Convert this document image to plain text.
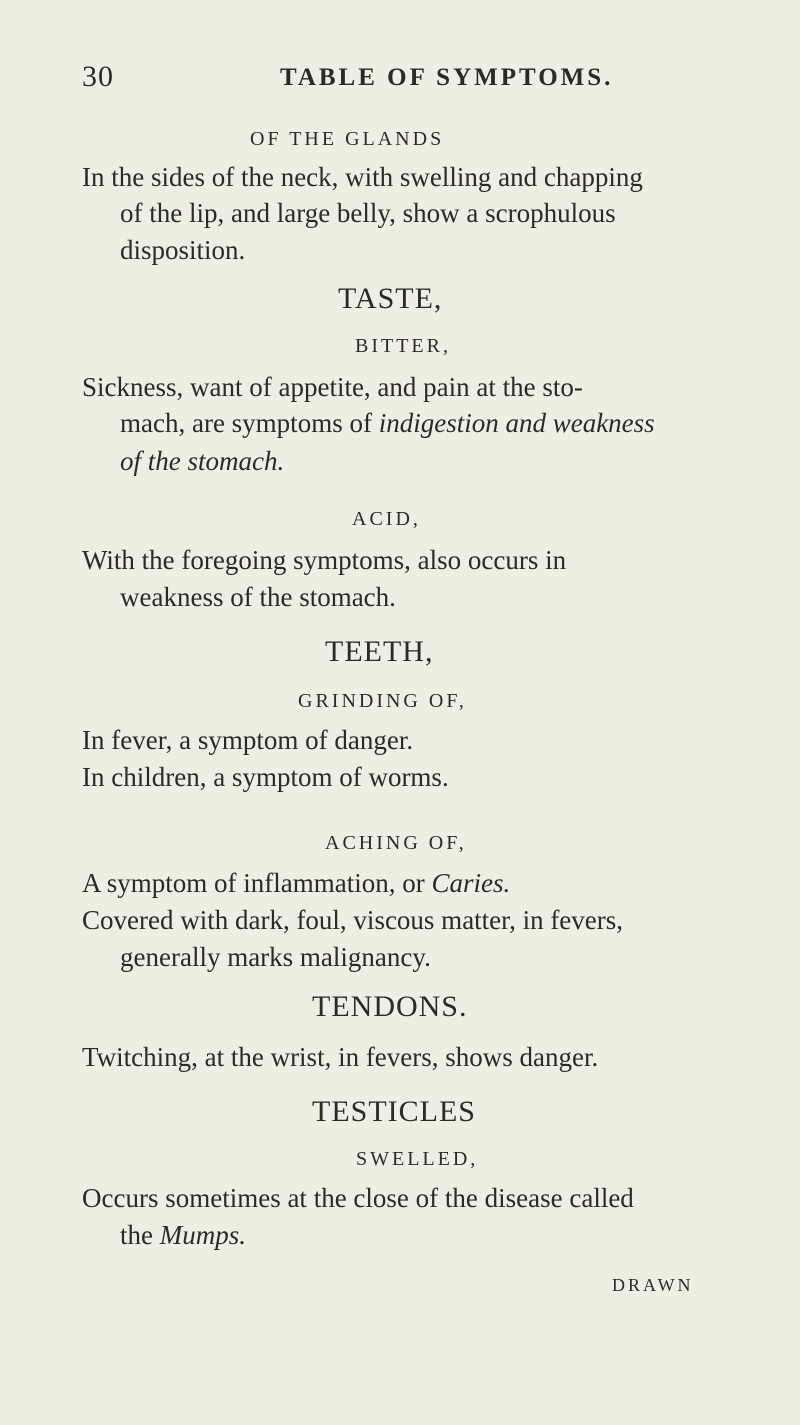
30	TABLE OF SYMPTOMS.
OF THE GLANDS
In the sides of the neck, with swelling and chapping
of the lip, and large belly, show a scrophulous
disposition.
TASTE,
BITTER,
Sickness, want of appetite, and pain at the sto-
mach, are symptoms of indigestion and weakness
of the stomach.
ACID,
With the foregoing symptoms, also occurs in
weakness of the stomach.
TEETH,
GRINDING OF,
In fever, a symptom of danger.
In children, a symptom of worms.
ACHING OF,
A symptom of inflammation, or Caries.
Covered with dark, foul, viscous matter, in fevers,
generally marks malignancy.
TENDONS.
Twitching, at the wrist, in fevers, shows danger.
TESTICLES
SWELLED,
Occurs sometimes at the close of the disease called
the Mumps.
DRAWN
